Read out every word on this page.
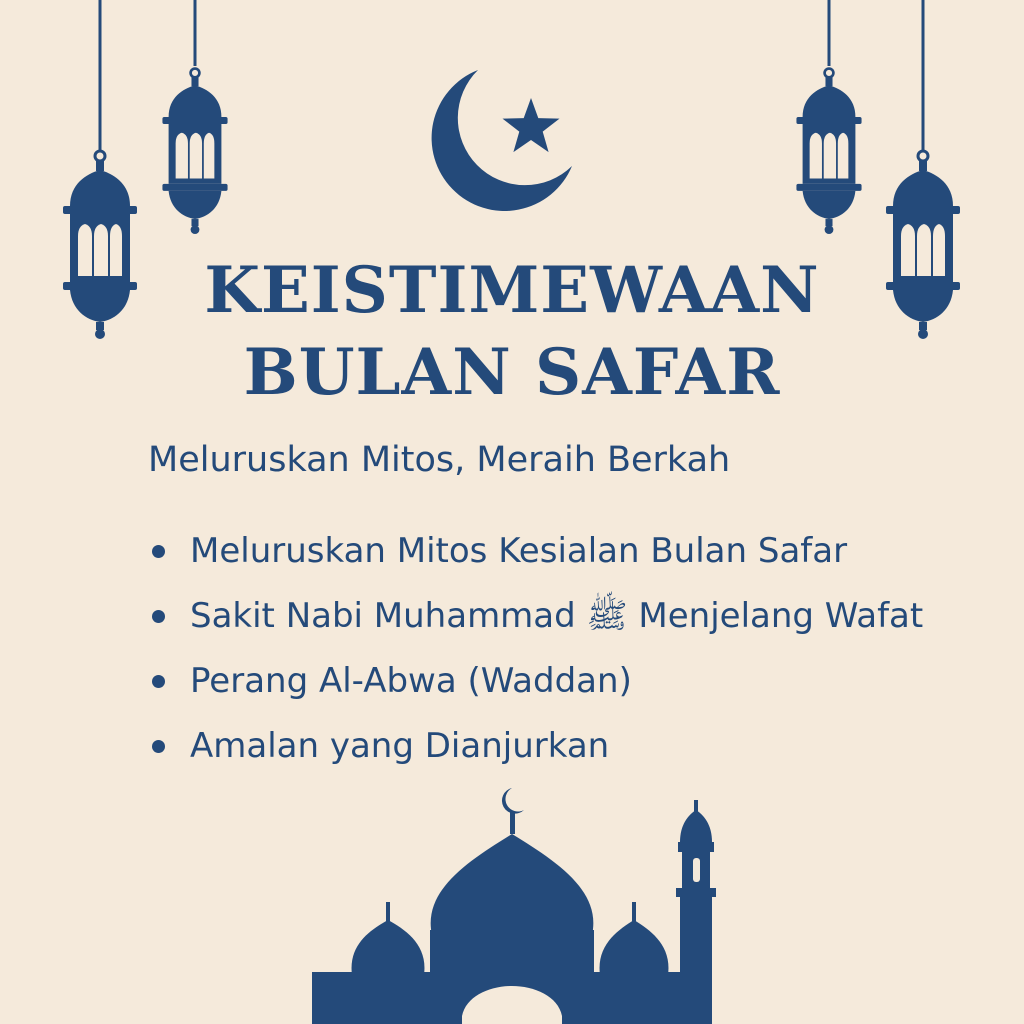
KEISTIMEWAAN
BULAN SAFAR
Meluruskan Mitos, Meraih Berkah
Meluruskan Mitos Kesialan Bulan Safar
Sakit Nabi Muhammad ﷺ Menjelang Wafat
Perang Al-Abwa (Waddan)
Amalan yang Dianjurkan
